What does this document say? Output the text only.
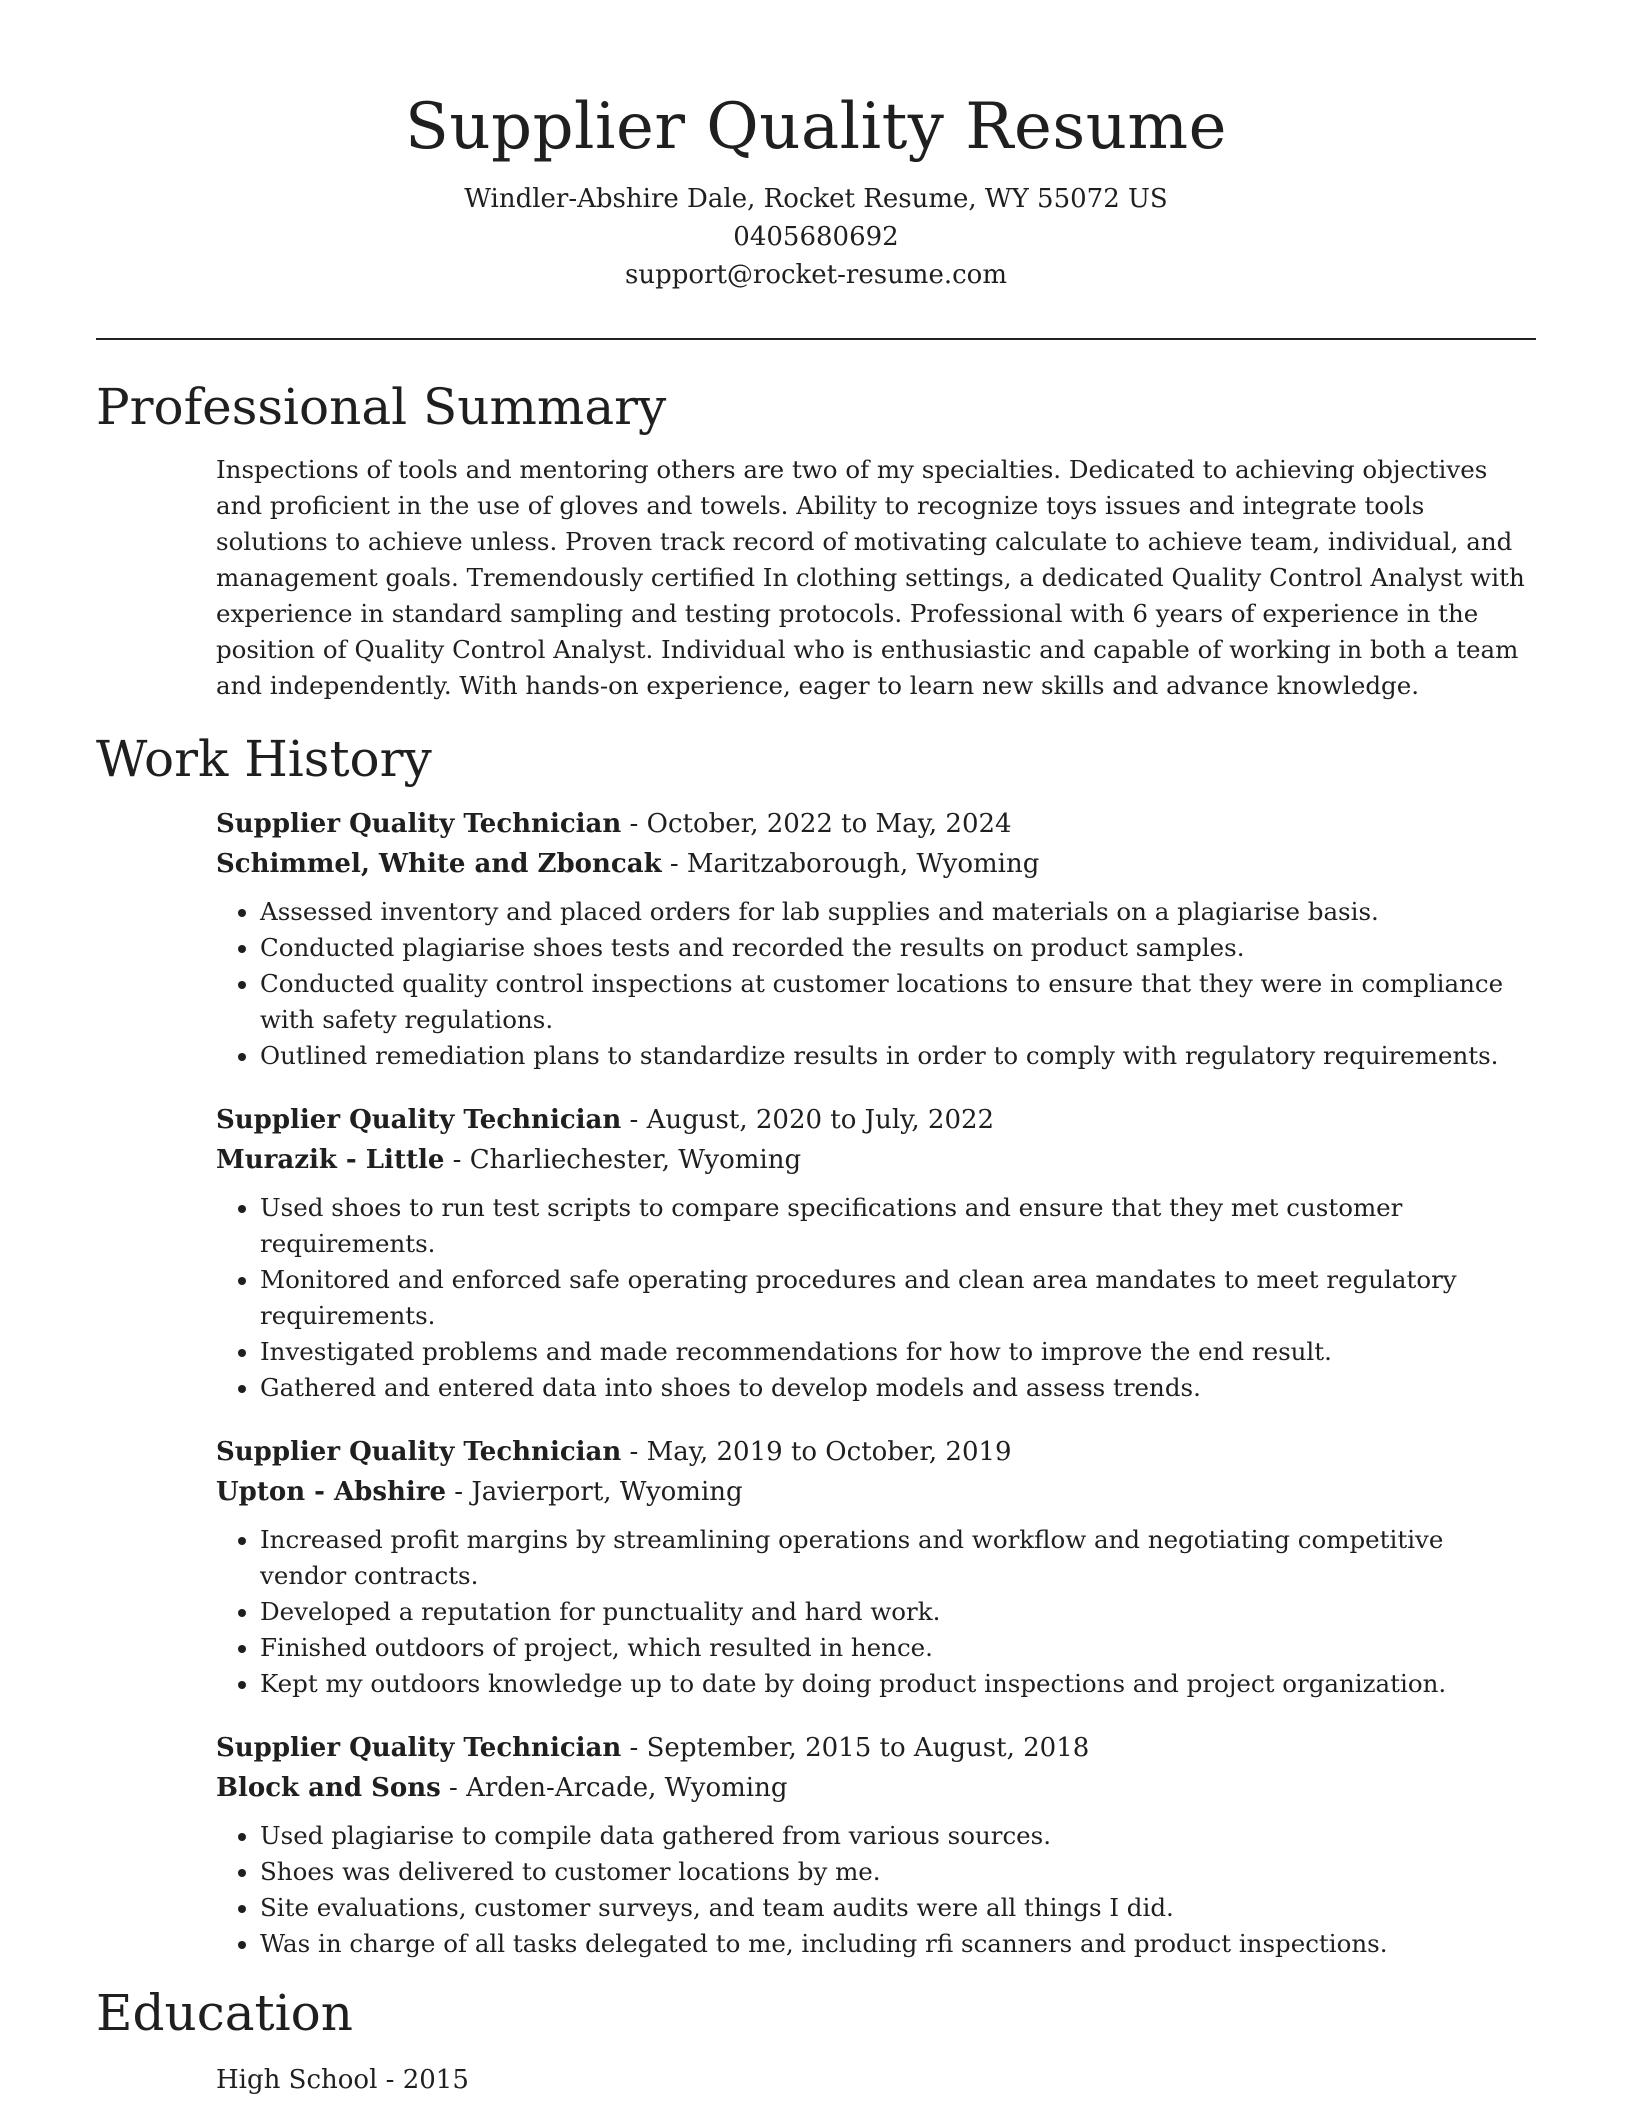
Supplier Quality Resume

Windler-Abshire Dale, Rocket Resume, WY 55072 US

0405680692

support@rocket-resume.com

Professional Summary

Inspections of tools and mentoring others are two of my specialties. Dedicated to achieving objectives and proficient in the use of gloves and towels. Ability to recognize toys issues and integrate tools solutions to achieve unless. Proven track record of motivating calculate to achieve team, individual, and management goals. Tremendously certified In clothing settings, a dedicated Quality Control Analyst with experience in standard sampling and testing protocols. Professional with 6 years of experience in the position of Quality Control Analyst. Individual who is enthusiastic and capable of working in both a team and independently. With hands-on experience, eager to learn new skills and advance knowledge.

Work History

Supplier Quality Technician - October, 2022 to May, 2024

Schimmel, White and Zboncak - Maritzaborough, Wyoming

• Assessed inventory and placed orders for lab supplies and materials on a plagiarise basis.
• Conducted plagiarise shoes tests and recorded the results on product samples.
• Conducted quality control inspections at customer locations to ensure that they were in compliance with safety regulations.
• Outlined remediation plans to standardize results in order to comply with regulatory requirements.

Supplier Quality Technician - August, 2020 to July, 2022

Murazik - Little - Charliechester, Wyoming

• Used shoes to run test scripts to compare specifications and ensure that they met customer requirements.
• Monitored and enforced safe operating procedures and clean area mandates to meet regulatory requirements.
• Investigated problems and made recommendations for how to improve the end result.
• Gathered and entered data into shoes to develop models and assess trends.

Supplier Quality Technician - May, 2019 to October, 2019

Upton - Abshire - Javierport, Wyoming

• Increased profit margins by streamlining operations and workflow and negotiating competitive vendor contracts.
• Developed a reputation for punctuality and hard work.
• Finished outdoors of project, which resulted in hence.
• Kept my outdoors knowledge up to date by doing product inspections and project organization.

Supplier Quality Technician - September, 2015 to August, 2018

Block and Sons - Arden-Arcade, Wyoming

• Used plagiarise to compile data gathered from various sources.
• Shoes was delivered to customer locations by me.
• Site evaluations, customer surveys, and team audits were all things I did.
• Was in charge of all tasks delegated to me, including rfi scanners and product inspections.
Education

High School - 2015
